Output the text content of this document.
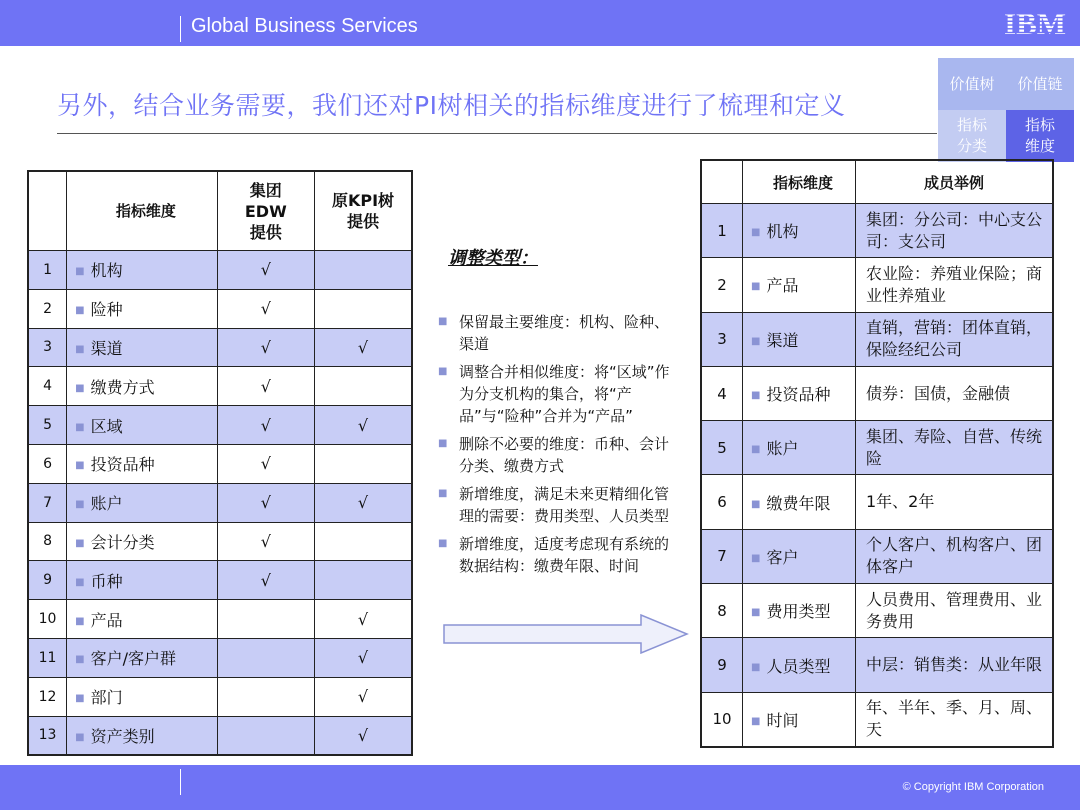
Global Business Services	IBM
另外，结合业务需要，我们还对PI树相关的指标维度进行了梳理和定义
价值树	价值链
指标
分类
指标
维度
	指标维度	集团
EDW
提供	原KPI树
提供
1	■ 机构	√	
2	■ 险种	√	
3	■ 渠道	√	√
4	■ 缴费方式	√	
5	■ 区域	√	√
6	■ 投资品种	√	
7	■ 账户	√	√
8	■ 会计分类	√	
9	■ 币种	√	
10	■ 产品		√
11	■ 客户/客户群		√
12	■ 部门		√
13	■ 资产类别		√
调整类型：
■ 保留最主要维度：机构、险种、渠道
■ 调整合并相似维度：将“区域”作为分支机构的集合，将“产品”与“险种”合并为“产品”
■ 删除不必要的维度：币种、会计分类、缴费方式
■ 新增维度，满足未来更精细化管理的需要：费用类型、人员类型
■ 新增维度，适度考虑现有系统的数据结构：缴费年限、时间
	指标维度	成员举例
1	■ 机构	集团：分公司：中心支公司：支公司
2	■ 产品	农业险：养殖业保险；商业性养殖业
3	■ 渠道	直销，营销：团体直销，保险经纪公司
4	■ 投资品种	债券：国债，金融债
5	■ 账户	集团、寿险、自营、传统险
6	■ 缴费年限	1年、2年
7	■ 客户	个人客户、机构客户、团体客户
8	■ 费用类型	人员费用、管理费用、业务费用
9	■ 人员类型	中层：销售类：从业年限
10	■ 时间	年、半年、季、月、周、天
© Copyright IBM Corporation
